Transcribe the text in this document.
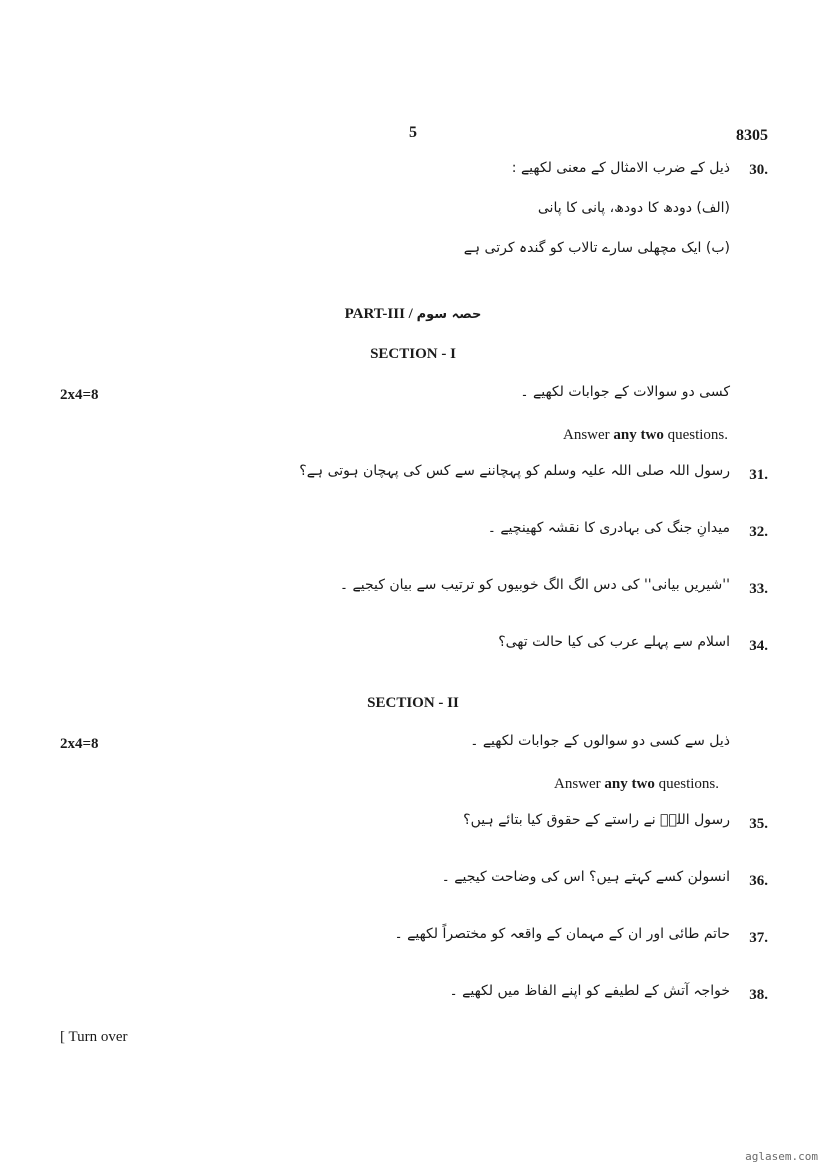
5	8305
30.
ذیل کے ضرب الامثال کے معنی لکھیے :
(الف) دودھ کا دودھ، پانی کا پانی
(ب) ایک مچھلی سارے تالاب کو گندہ کرتی ہے
PART-III / حصہ سوم
SECTION - I
2x4=8	کسی دو سوالات کے جوابات لکھیے ۔
Answer any two questions.
31.
رسول اللہ صلی اللہ علیہ وسلم کو پہچاننے سے کس کی پہچان ہوتی ہے؟
32.
میدانِ جنگ کی بہادری کا نقشہ کھینچیے ۔
33.
''شیریں بیانی'' کی دس الگ الگ خوبیوں کو ترتیب سے بیان کیجیے ۔
34.
اسلام سے پہلے عرب کی کیا حالت تھی؟
SECTION - II
2x4=8	ذیل سے کسی دو سوالوں کے جوابات لکھیے ۔
Answer any two questions.
35.
رسول اللہؐ نے راستے کے حقوق کیا بتائے ہیں؟
36.
انسولن کسے کہتے ہیں؟ اس کی وضاحت کیجیے ۔
37.
حاتم طائی اور ان کے مہمان کے واقعہ کو مختصراً لکھیے ۔
38.
خواجہ آتش کے لطیفے کو اپنے الفاظ میں لکھیے ۔
[ Turn over
aglasem.com
